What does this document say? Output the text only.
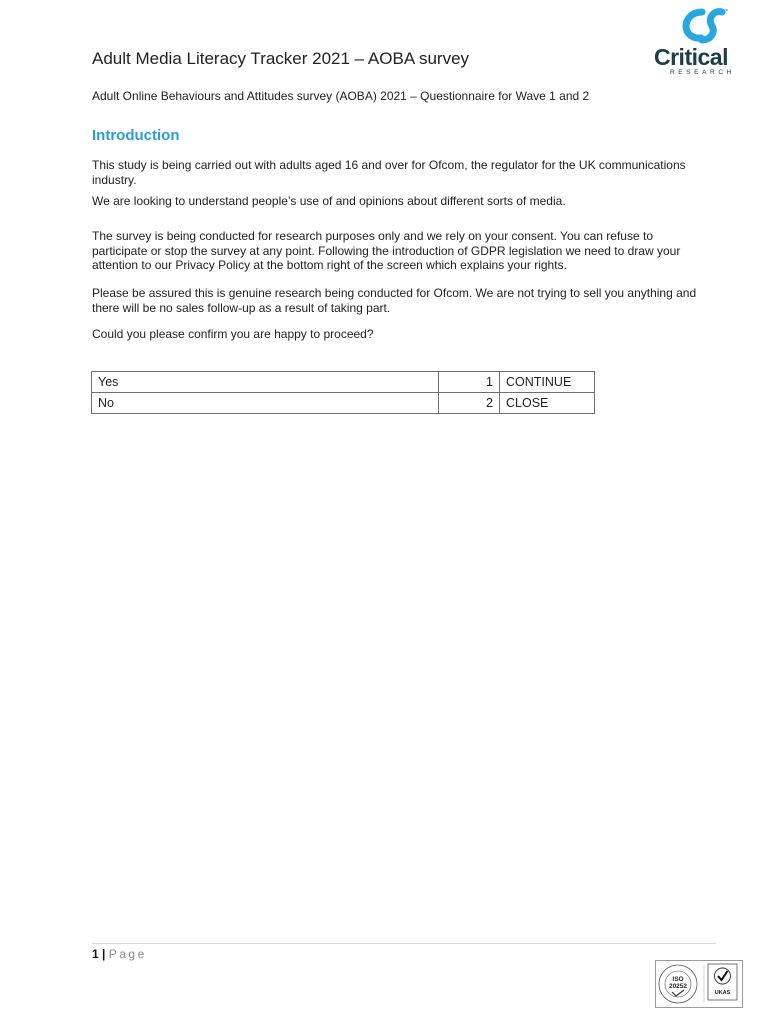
Adult Media Literacy Tracker 2021 – AOBA survey
™
Critical
RESEARCH
Adult Online Behaviours and Attitudes survey (AOBA) 2021 – Questionnaire for Wave 1 and 2
Introduction
This study is being carried out with adults aged 16 and over for Ofcom, the regulator for the UK communications industry.
We are looking to understand people’s use of and opinions about different sorts of media.
The survey is being conducted for research purposes only and we rely on your consent. You can refuse to participate or stop the survey at any point. Following the introduction of GDPR legislation we need to draw your attention to our Privacy Policy at the bottom right of the screen which explains your rights.
Please be assured this is genuine research being conducted for Ofcom. We are not trying to sell you anything and there will be no sales follow-up as a result of taking part.
Could you please confirm you are happy to proceed?
Yes	1	CONTINUE
No	2	CLOSE
1 | Page
ISO
20252
UKAS
